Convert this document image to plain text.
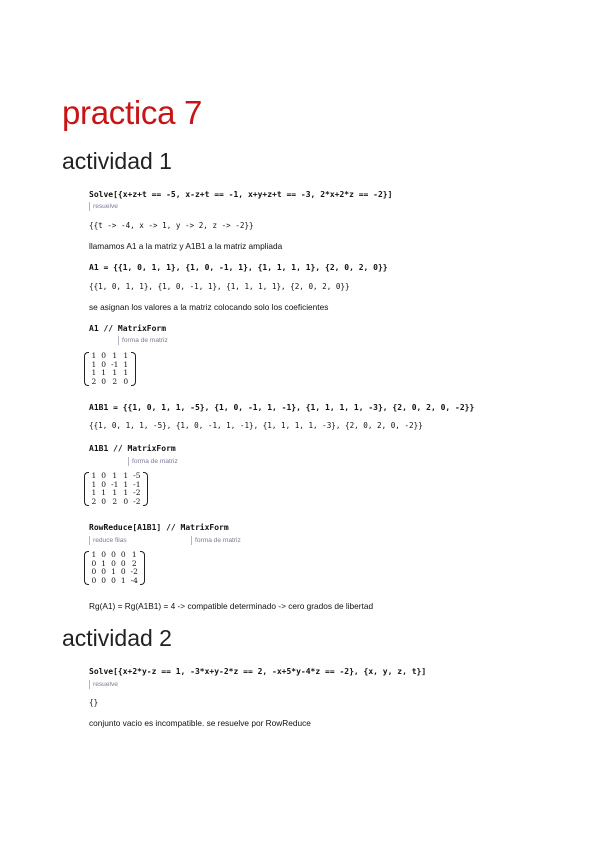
practica 7
actividad 1

Solve[{x+z+t == -5, x-z+t == -1, x+y+z+t == -3, 2*x+2*z == -2}]

resuelve

{{t -> -4, x -> 1, y -> 2, z -> -2}}

llamamos A1 a la matriz y A1B1 a la matriz ampliada

A1 = {{1, 0, 1, 1}, {1, 0, -1, 1}, {1, 1, 1, 1}, {2, 0, 2, 0}}

{{1, 0, 1, 1}, {1, 0, -1, 1}, {1, 1, 1, 1}, {2, 0, 2, 0}}

se asignan los valores a la matriz colocando solo los coeficientes

A1 // MatrixForm

forma de matriz
1	0	1	1
1	0	-1	1
1	1	1	1
2	0	2	0

A1B1 = {{1, 0, 1, 1, -5}, {1, 0, -1, 1, -1}, {1, 1, 1, 1, -3}, {2, 0, 2, 0, -2}}

{{1, 0, 1, 1, -5}, {1, 0, -1, 1, -1}, {1, 1, 1, 1, -3}, {2, 0, 2, 0, -2}}

A1B1 // MatrixForm

forma de matriz
1	0	1	1	-5
1	0	-1	1	-1
1	1	1	1	-2
2	0	2	0	-2

RowReduce[A1B1] // MatrixForm

reduce filas	forma de matriz
1	0	0	0	1
0	1	0	0	2
0	0	1	0	-2
0	0	0	1	-4

Rg(A1) = Rg(A1B1) = 4 -> compatible determinado -> cero grados de libertad

actividad 2

Solve[{x+2*y-z == 1, -3*x+y-2*z == 2, -x+5*y-4*z == -2}, {x, y, z, t}]

resuelve

{}

conjunto vacio es incompatible. se resuelve por RowReduce
